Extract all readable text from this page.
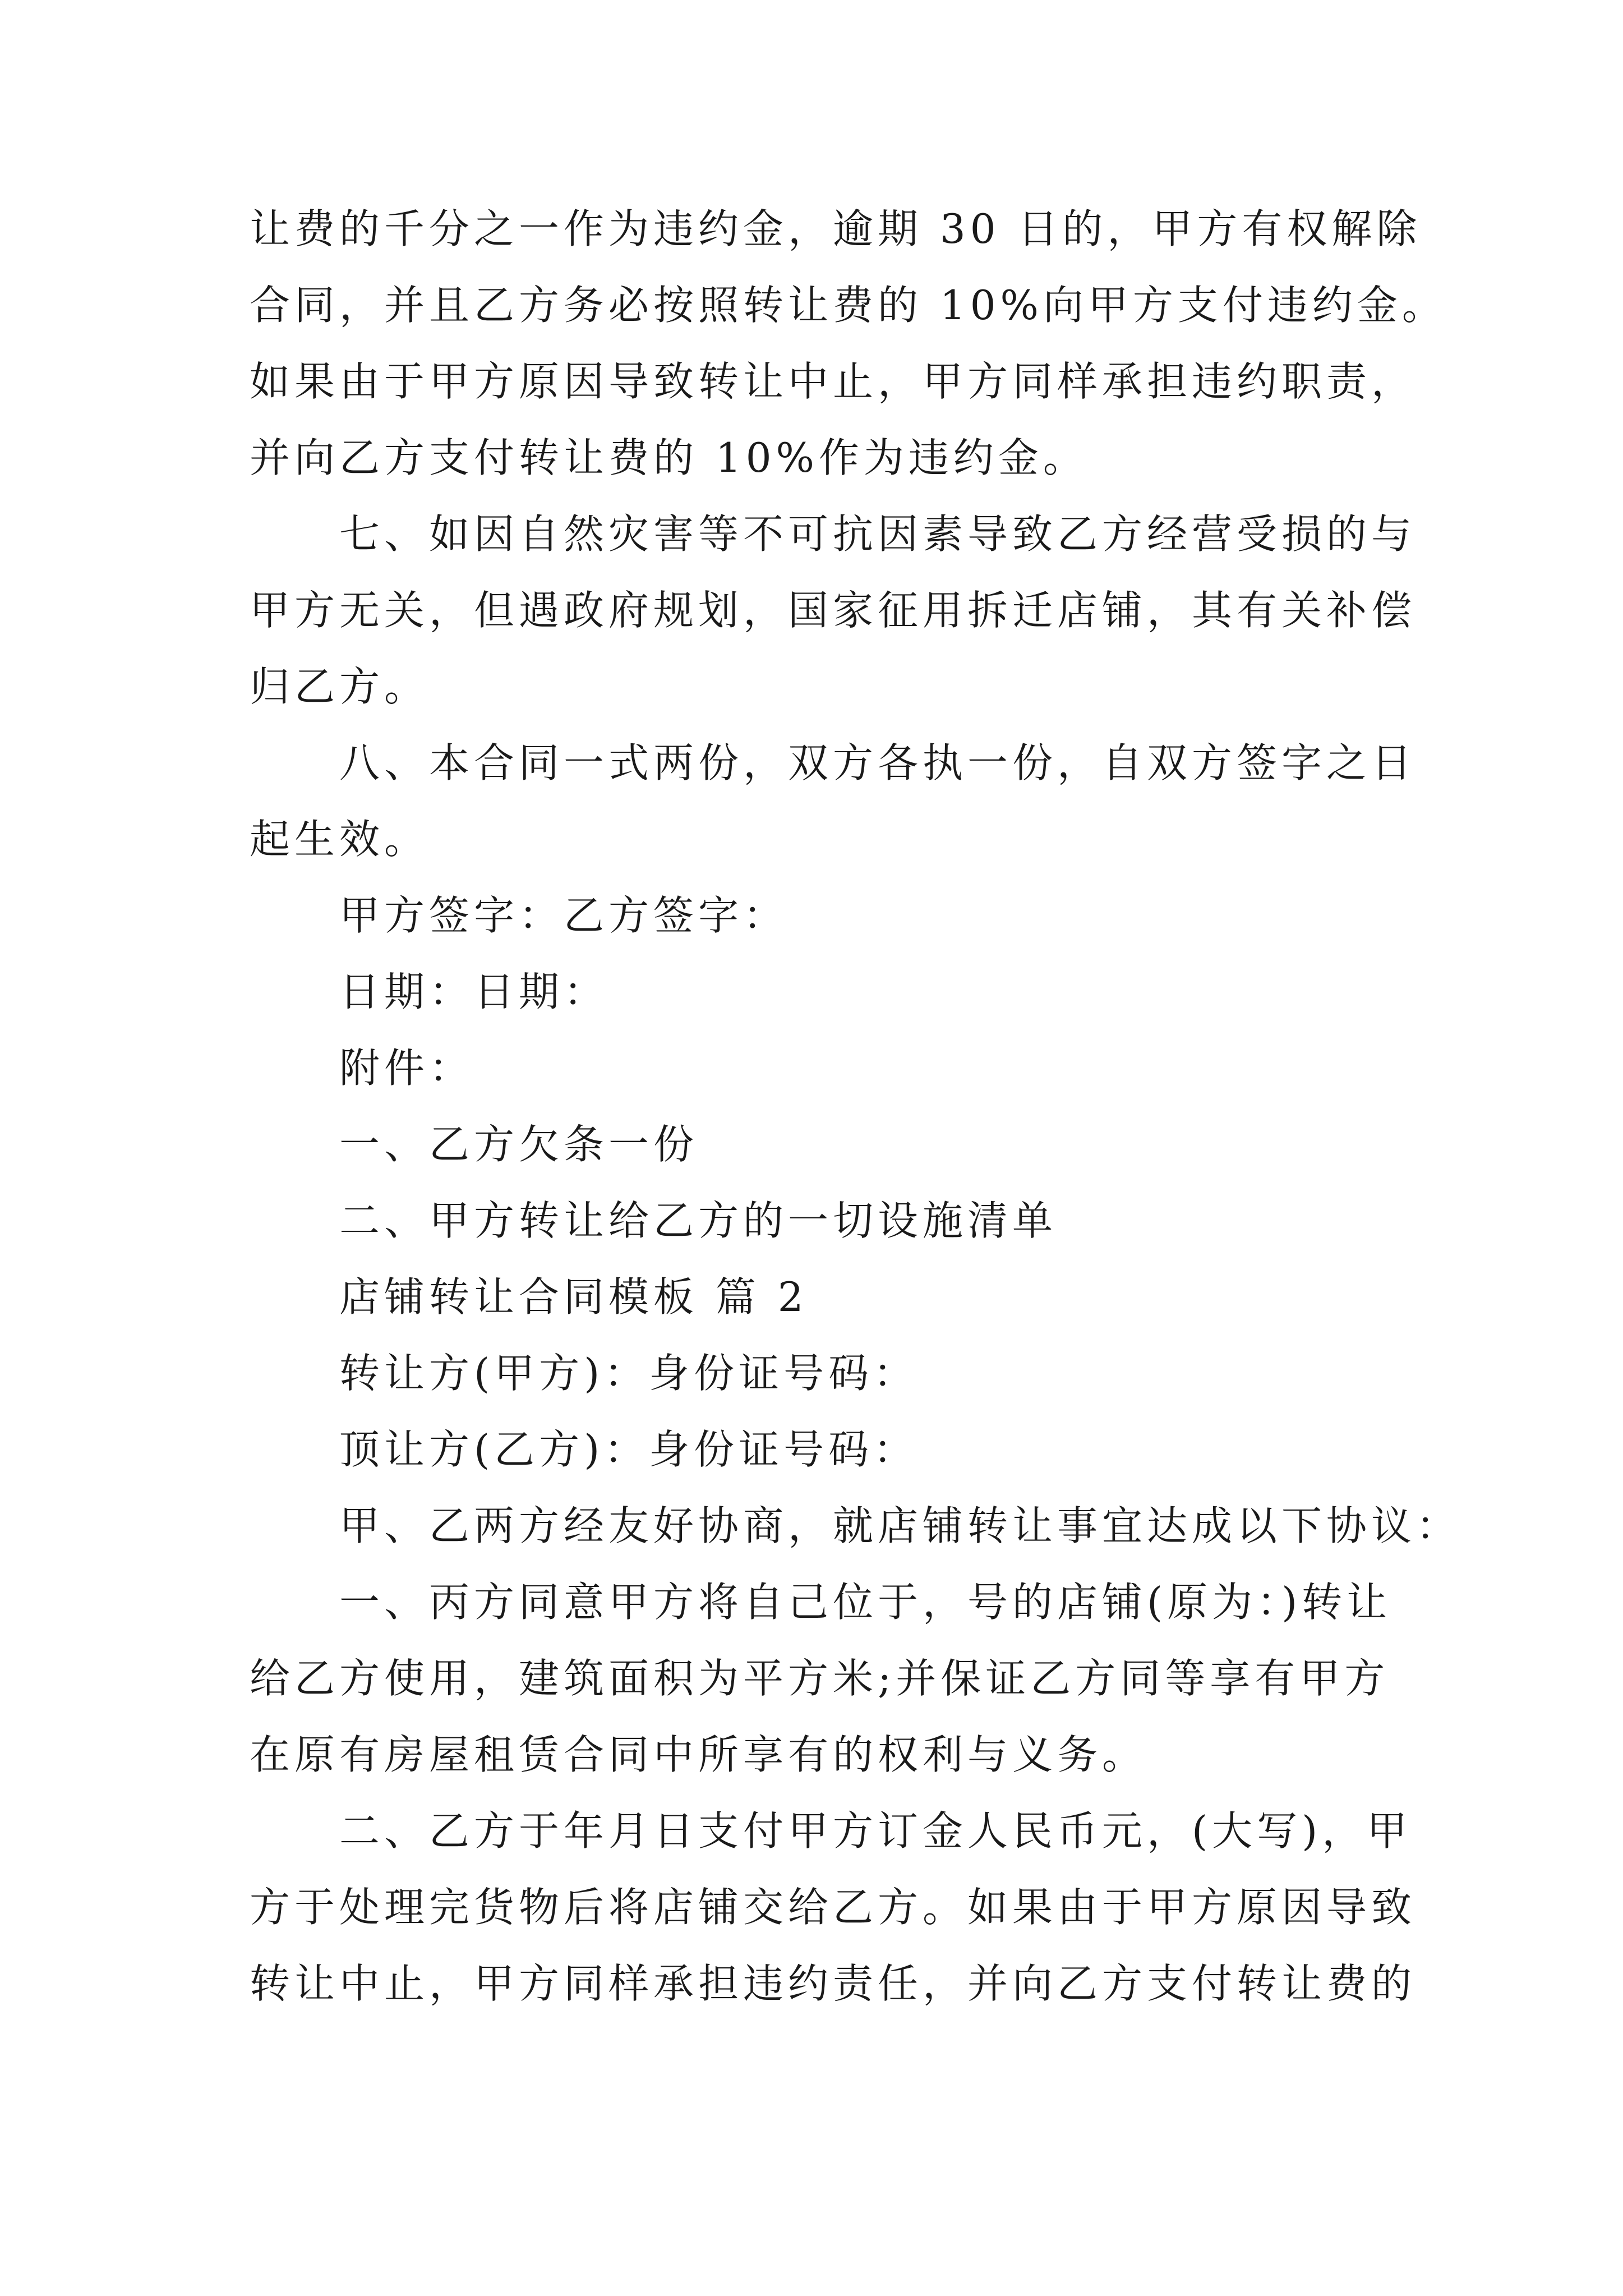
让费的千分之一作为违约金，逾期 30 日的，甲方有权解除
合同，并且乙方务必按照转让费的 10%向甲方支付违约金。
如果由于甲方原因导致转让中止，甲方同样承担违约职责，
并向乙方支付转让费的 10%作为违约金。
七、如因自然灾害等不可抗因素导致乙方经营受损的与
甲方无关，但遇政府规划，国家征用拆迁店铺，其有关补偿
归乙方。
八、本合同一式两份，双方各执一份，自双方签字之日
起生效。
甲方签字：乙方签字：
日期：日期：
附件：
一、乙方欠条一份
二、甲方转让给乙方的一切设施清单
店铺转让合同模板 篇 2
转让方(甲方)：身份证号码：
顶让方(乙方)：身份证号码：
甲、乙两方经友好协商，就店铺转让事宜达成以下协议：
一、丙方同意甲方将自己位于，号的店铺(原为：)转让
给乙方使用，建筑面积为平方米;并保证乙方同等享有甲方
在原有房屋租赁合同中所享有的权利与义务。
二、乙方于年月日支付甲方订金人民币元，(大写)，甲
方于处理完货物后将店铺交给乙方。如果由于甲方原因导致
转让中止，甲方同样承担违约责任，并向乙方支付转让费的
